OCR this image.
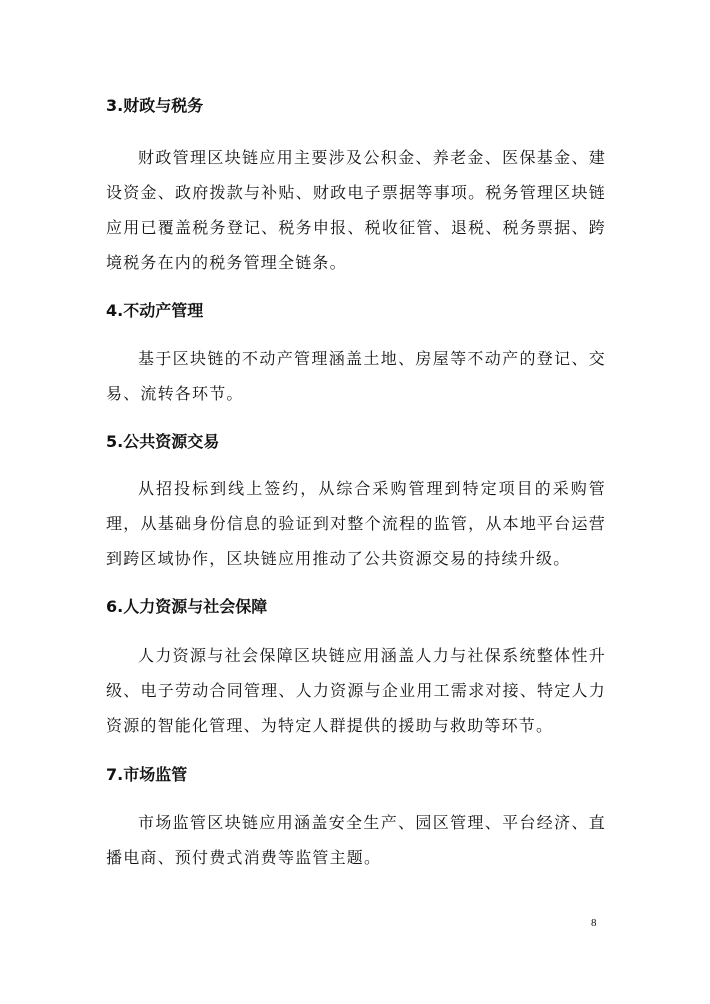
3.财政与税务

财政管理区块链应用主要涉及公积金、养老金、医保基金、建设资金、政府拨款与补贴、财政电子票据等事项。税务管理区块链应用已覆盖税务登记、税务申报、税收征管、退税、税务票据、跨境税务在内的税务管理全链条。

4.不动产管理

基于区块链的不动产管理涵盖土地、房屋等不动产的登记、交易、流转各环节。

5.公共资源交易

从招投标到线上签约，从综合采购管理到特定项目的采购管理，从基础身份信息的验证到对整个流程的监管，从本地平台运营到跨区域协作，区块链应用推动了公共资源交易的持续升级。

6.人力资源与社会保障

人力资源与社会保障区块链应用涵盖人力与社保系统整体性升级、电子劳动合同管理、人力资源与企业用工需求对接、特定人力资源的智能化管理、为特定人群提供的援助与救助等环节。

7.市场监管

市场监管区块链应用涵盖安全生产、园区管理、平台经济、直播电商、预付费式消费等监管主题。

8
